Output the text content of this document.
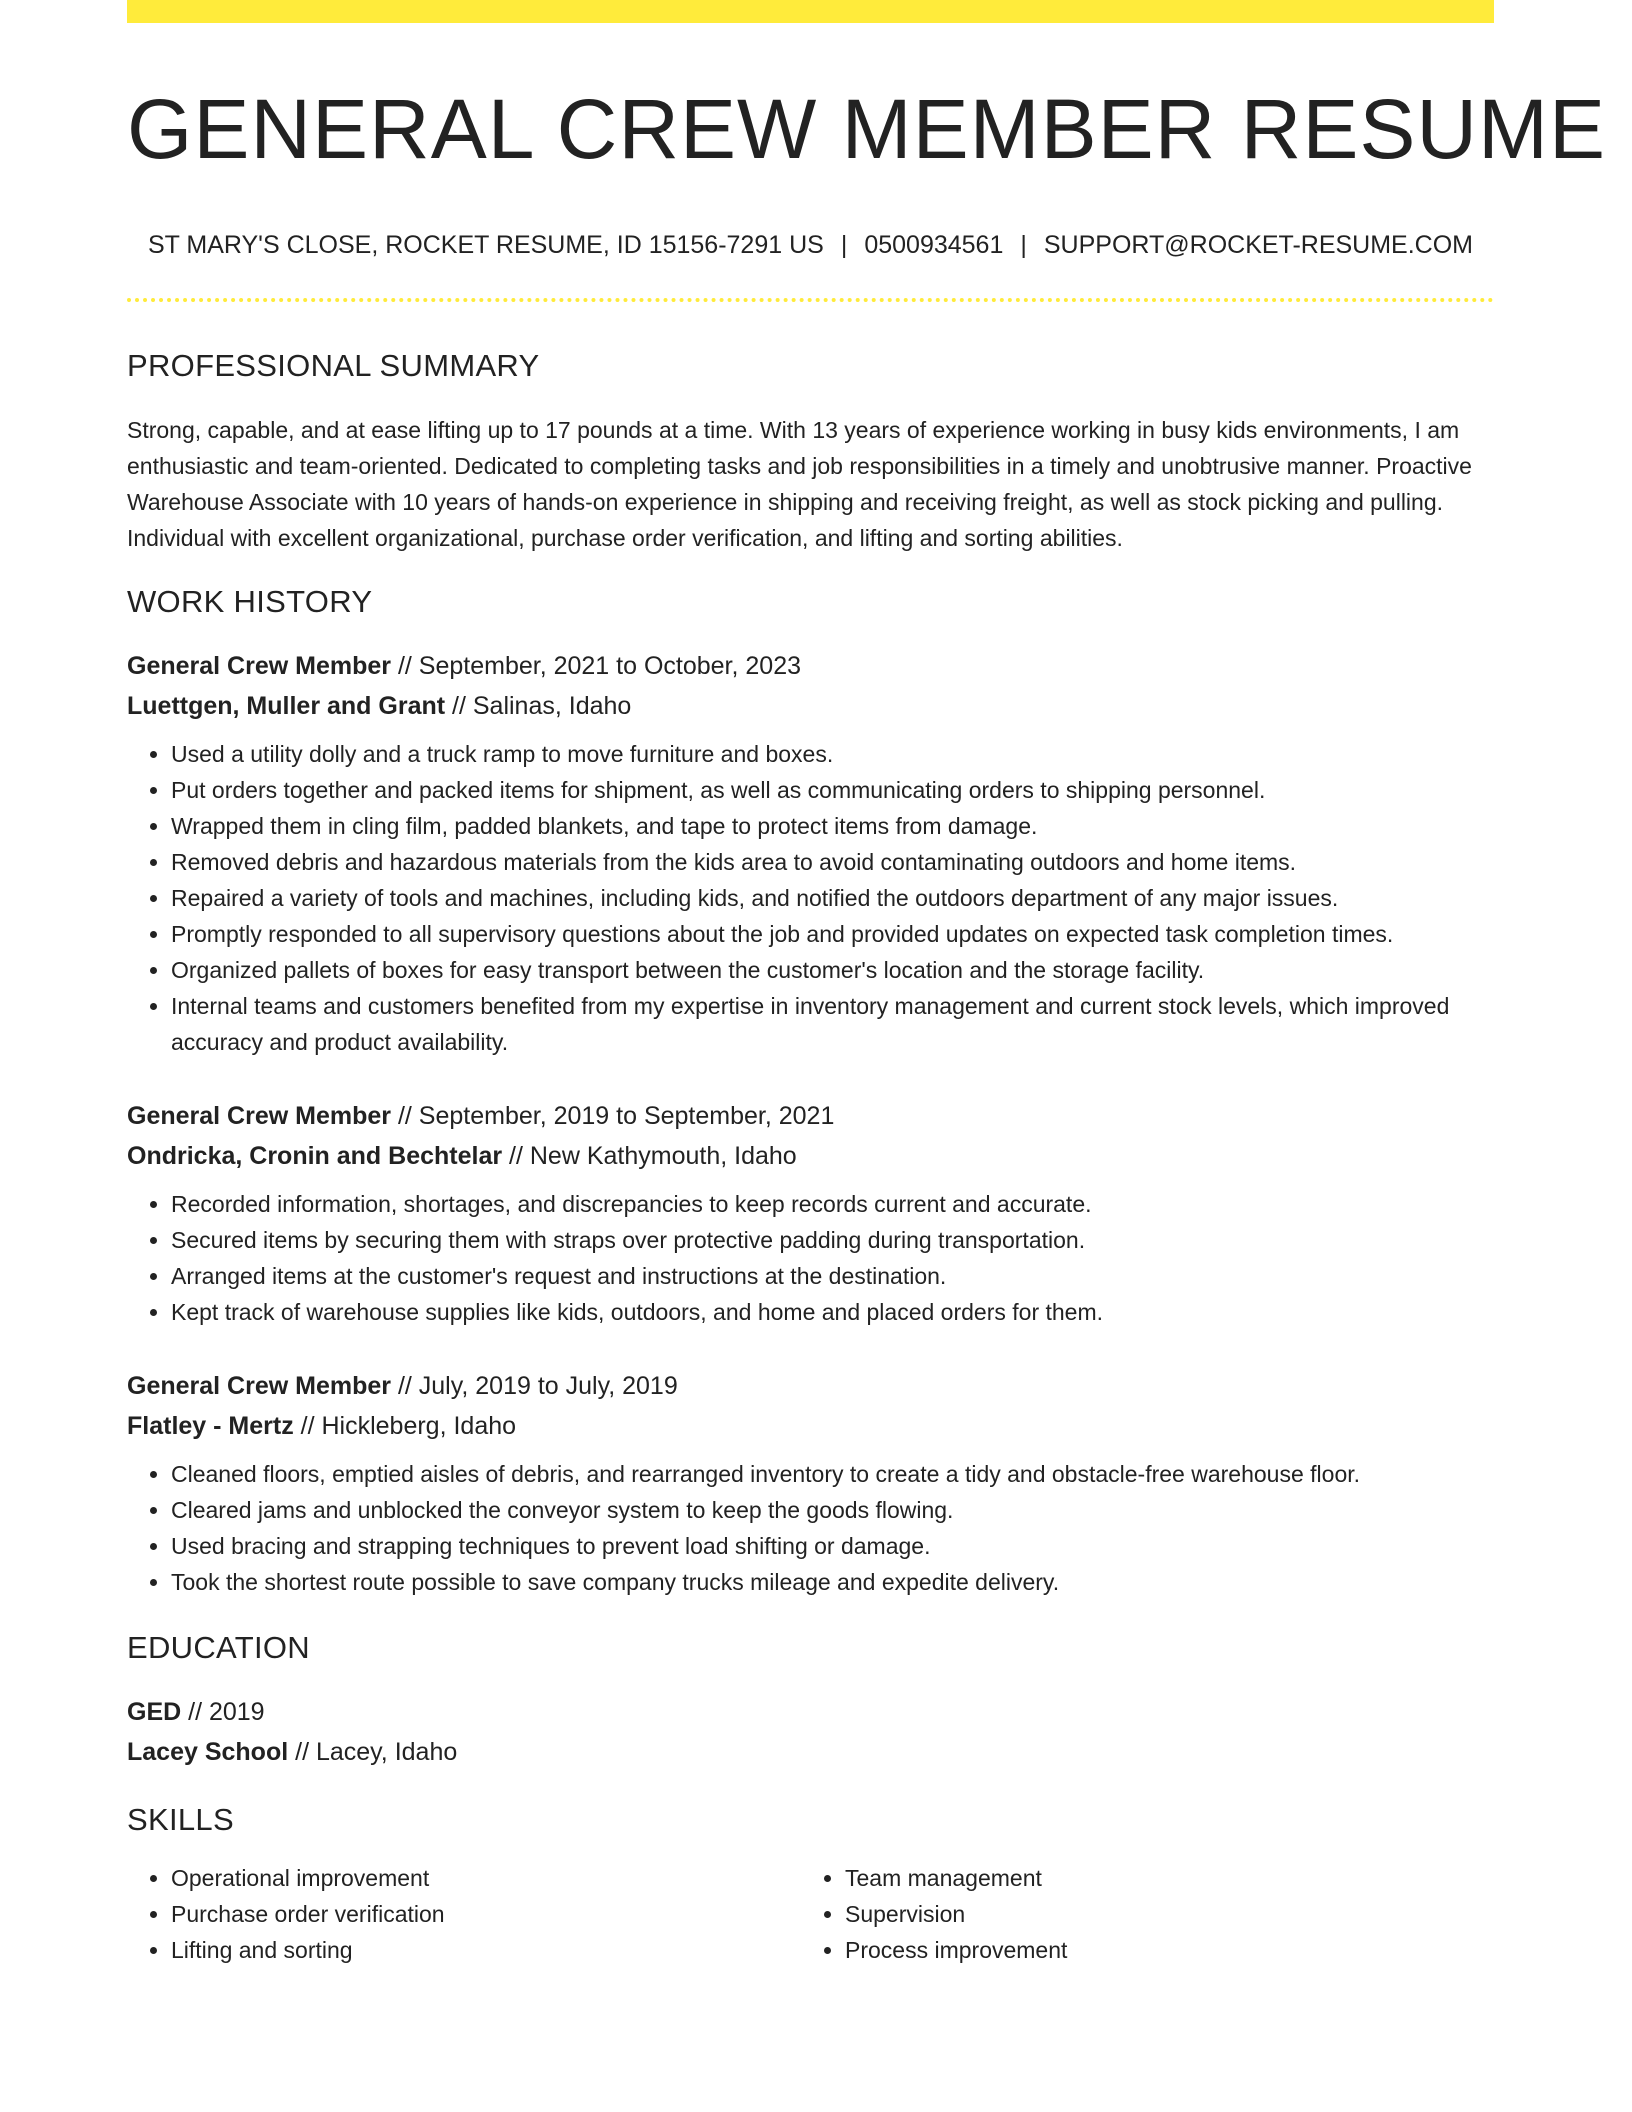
GENERAL CREW MEMBER RESUME
ST MARY'S CLOSE, ROCKET RESUME, ID 15156-7291 US | 0500934561 | SUPPORT@ROCKET-RESUME.COM
PROFESSIONAL SUMMARY

Strong, capable, and at ease lifting up to 17 pounds at a time. With 13 years of experience working in busy kids environments, I am enthusiastic and team-oriented. Dedicated to completing tasks and job responsibilities in a timely and unobtrusive manner. Proactive Warehouse Associate with 10 years of hands-on experience in shipping and receiving freight, as well as stock picking and pulling. Individual with excellent organizational, purchase order verification, and lifting and sorting abilities.

WORK HISTORY
General Crew Member // September, 2021 to October, 2023
Luettgen, Muller and Grant // Salinas, Idaho
• Used a utility dolly and a truck ramp to move furniture and boxes.
• Put orders together and packed items for shipment, as well as communicating orders to shipping personnel.
• Wrapped them in cling film, padded blankets, and tape to protect items from damage.
• Removed debris and hazardous materials from the kids area to avoid contaminating outdoors and home items.
• Repaired a variety of tools and machines, including kids, and notified the outdoors department of any major issues.
• Promptly responded to all supervisory questions about the job and provided updates on expected task completion times.
• Organized pallets of boxes for easy transport between the customer's location and the storage facility.
• Internal teams and customers benefited from my expertise in inventory management and current stock levels, which improved accuracy and product availability.
General Crew Member // September, 2019 to September, 2021
Ondricka, Cronin and Bechtelar // New Kathymouth, Idaho
• Recorded information, shortages, and discrepancies to keep records current and accurate.
• Secured items by securing them with straps over protective padding during transportation.
• Arranged items at the customer's request and instructions at the destination.
• Kept track of warehouse supplies like kids, outdoors, and home and placed orders for them.
General Crew Member // July, 2019 to July, 2019
Flatley - Mertz // Hickleberg, Idaho
• Cleaned floors, emptied aisles of debris, and rearranged inventory to create a tidy and obstacle-free warehouse floor.
• Cleared jams and unblocked the conveyor system to keep the goods flowing.
• Used bracing and strapping techniques to prevent load shifting or damage.
• Took the shortest route possible to save company trucks mileage and expedite delivery.
EDUCATION
GED // 2019
Lacey School // Lacey, Idaho
SKILLS
• Operational improvement
• Purchase order verification
• Lifting and sorting
• Team management
• Supervision
• Process improvement
